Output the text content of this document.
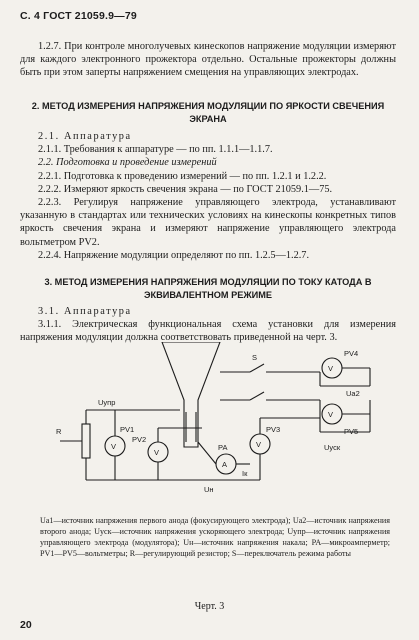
С. 4 ГОСТ 21059.9—79

1.2.7. При контроле многолучевых кинескопов напряжение модуляции измеряют для каждого электронного прожектора отдельно. Остальные прожекторы должны быть при этом заперты напряжением смещения на управляющих электродах.

2. МЕТОД ИЗМЕРЕНИЯ НАПРЯЖЕНИЯ МОДУЛЯЦИИ ПО ЯРКОСТИ СВЕЧЕНИЯ ЭКРАНА

2.1. Аппаратура

2.1.1. Требования к аппаратуре — по пп. 1.1.1—1.1.7.

2.2. Подготовка и проведение измерений

2.2.1. Подготовка к проведению измерений — по пп. 1.2.1 и 1.2.2.

2.2.2. Измеряют яркость свечения экрана — по ГОСТ 21059.1—75.

2.2.3. Регулируя напряжение управляющего электрода, устанавливают указанную в стандартах или технических условиях на кинескопы конкретных типов яркость свечения экрана и измеряют напряжение управляющего электрода вольтметром PV2.

2.2.4. Напряжение модуляции определяют по пп. 1.2.5—1.2.7.

3. МЕТОД ИЗМЕРЕНИЯ НАПРЯЖЕНИЯ МОДУЛЯЦИИ ПО ТОКУ КАТОДА В ЭКВИВАЛЕНТНОМ РЕЖИМЕ

3.1. Аппаратура

3.1.1. Электрическая функциональная схема установки для измерения напряжения модуляции должна соответствовать приведенной на черт. 3.

R
Uупр
V
PV1
V
PV2
A
PA	V
PV3
S
V
PV4
V
PV5
Uа2
Uуск
Uн
Iк
Uа1—источник напряжения первого анода (фокусирующего электрода); Uа2—источник напряжения второго анода; Uуск—источник напряжения ускоряющего электрода; Uупр—источник напряжения управляющего электрода (модулятора); Uн—источник напряжения накала; PA—микроамперметр; PV1—PV5—вольтметры; R—регулирующий резистор; S—переключатель режима работы
Черт. 3
20
